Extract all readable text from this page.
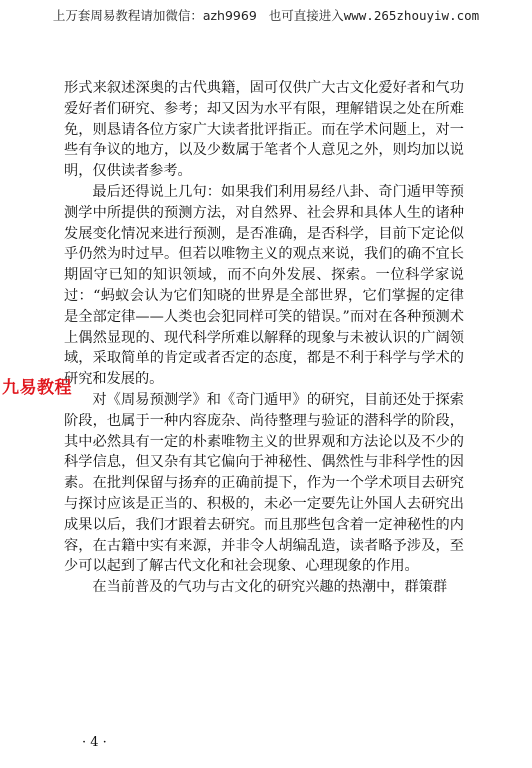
上万套周易教程请加微信：azh9969 也可直接进入www.265zhouyiw.com

形式来叙述深奥的古代典籍，固可仅供广大古文化爱好者和气功爱好者们研究、参考；却又因为水平有限，理解错误之处在所难免，则恳请各位方家广大读者批评指正。而在学术问题上，对一些有争议的地方，以及少数属于笔者个人意见之外，则均加以说明，仅供读者参考。

最后还得说上几句：如果我们利用易经八卦、奇门遁甲等预测学中所提供的预测方法，对自然界、社会界和具体人生的诸种发展变化情况来进行预测，是否准确，是否科学，目前下定论似乎仍然为时过早。但若以唯物主义的观点来说，我们的确不宜长期固守已知的知识领域，而不向外发展、探索。一位科学家说过：“蚂蚁会认为它们知晓的世界是全部世界，它们掌握的定律是全部定律——人类也会犯同样可笑的错误。”而对在各种预测术上偶然显现的、现代科学所难以解释的现象与未被认识的广阔领域，采取简单的肯定或者否定的态度，都是不利于科学与学术的研究和发展的。

对《周易预测学》和《奇门遁甲》的研究，目前还处于探索阶段，也属于一种内容庞杂、尚待整理与验证的潜科学的阶段，其中必然具有一定的朴素唯物主义的世界观和方法论以及不少的科学信息，但又杂有其它偏向于神秘性、偶然性与非科学性的因素。在批判保留与扬弃的正确前提下，作为一个学术项目去研究与探讨应该是正当的、积极的，未必一定要先让外国人去研究出成果以后，我们才跟着去研究。而且那些包含着一定神秘性的内容，在古籍中实有来源，并非令人胡编乱造，读者略予涉及，至少可以起到了解古代文化和社会现象、心理现象的作用。

在当前普及的气功与古文化的研究兴趣的热潮中，群策群

九易教程
· 4 ·
